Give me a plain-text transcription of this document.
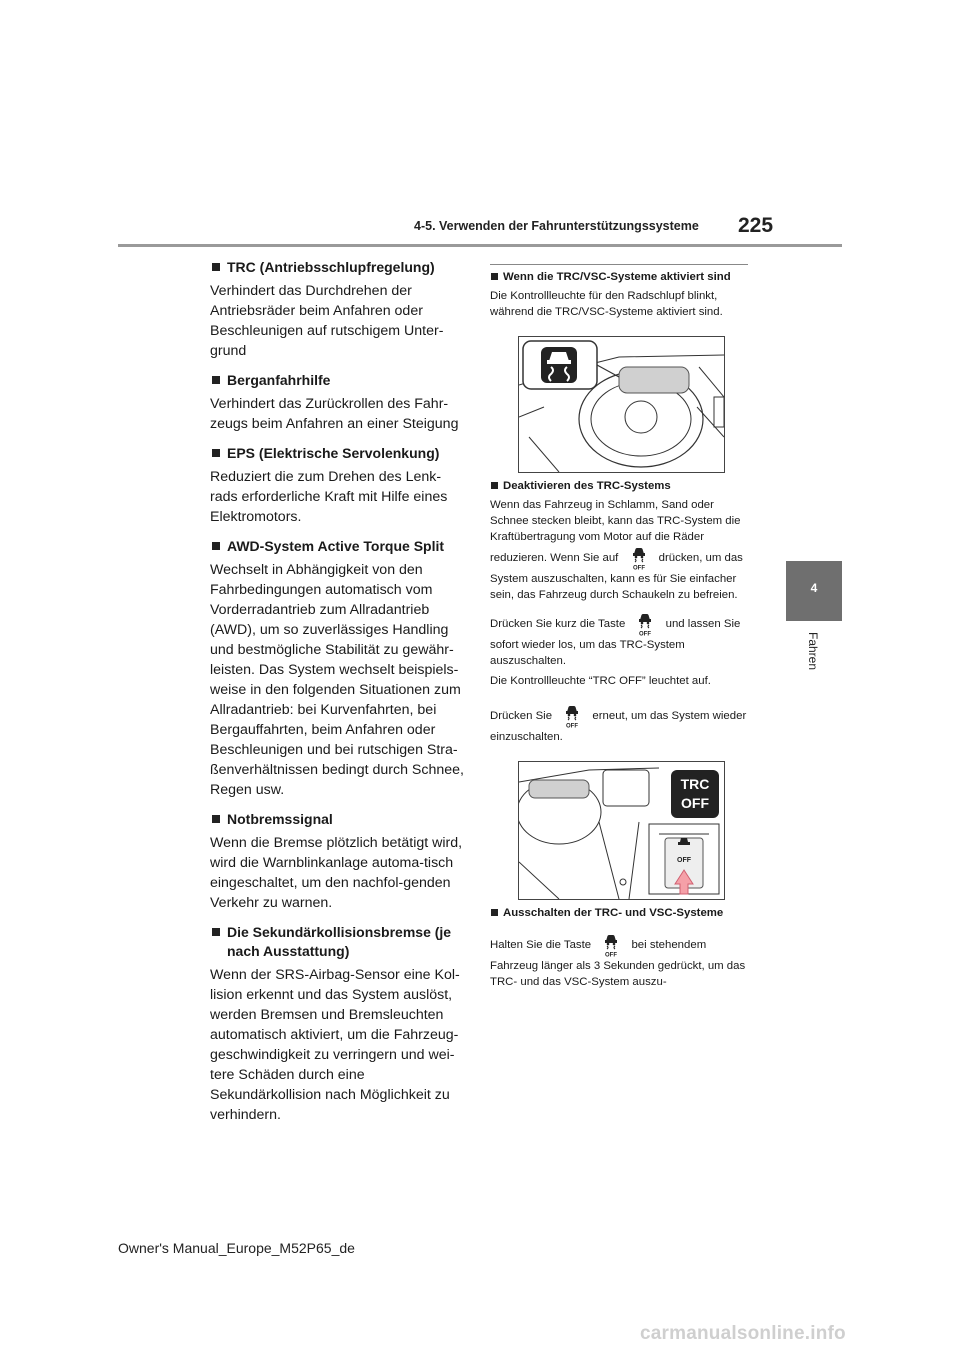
4-5. Verwenden der Fahrunterstützungssysteme 225
4
Fahren
TRC (Antriebsschlupfregelung)

Verhindert das Durchdrehen der Antriebsräder beim Anfahren oder Beschleunigen auf rutschigem Unter-grund

Berganfahrhilfe

Verhindert das Zurückrollen des Fahr-zeugs beim Anfahren an einer Steigung

EPS (Elektrische Servolenkung)

Reduziert die zum Drehen des Lenk-rads erforderliche Kraft mit Hilfe eines Elektromotors.

AWD-System Active Torque Split

Wechselt in Abhängigkeit von den Fahrbedingungen automatisch vom Vorderradantrieb zum Allradantrieb (AWD), um so zuverlässiges Handling und bestmögliche Stabilität zu gewähr-leisten. Das System wechselt beispiels-weise in den folgenden Situationen zum Allradantrieb: bei Kurvenfahrten, bei Bergauffahrten, beim Anfahren oder Beschleunigen und bei rutschigen Stra-ßenverhältnissen bedingt durch Schnee, Regen usw.

Notbremssignal

Wenn die Bremse plötzlich betätigt wird, wird die Warnblinkanlage automa-tisch eingeschaltet, um den nachfol-genden Verkehr zu warnen.

Die Sekundärkollisionsbremse (je nach Ausstattung)

Wenn der SRS-Airbag-Sensor eine Kol-lision erkennt und das System auslöst, werden Bremsen und Bremsleuchten automatisch aktiviert, um die Fahrzeug-geschwindigkeit zu verringern und wei-tere Schäden durch eine Sekundärkollision nach Möglichkeit zu verhindern.

Wenn die TRC/VSC-Systeme aktiviert sind

Die Kontrollleuchte für den Radschlupf blinkt, während die TRC/VSC-Systeme aktiviert sind.

Deaktivieren des TRC-Systems

Wenn das Fahrzeug in Schlamm, Sand oder Schnee stecken bleibt, kann das TRC-System die Kraftübertragung vom Motor auf die Räder reduzieren. Wenn Sie auf	drücken, um das System auszuschalten, kann es für Sie einfacher sein, das Fahrzeug durch Schaukeln zu befreien.

Drücken Sie kurz die Taste	und lassen Sie sofort wieder los, um das TRC-System auszuschalten.

Die Kontrollleuchte “TRC OFF” leuchtet auf.

Drücken Sie	erneut, um das System wieder einzuschalten.

TRC
OFF
OFF
Ausschalten der TRC- und VSC-Systeme

Halten Sie die Taste	bei stehendem Fahrzeug länger als 3 Sekunden gedrückt, um das TRC- und das VSC-System auszu-

Owner's Manual_Europe_M52P65_de
carmanualsonline.info
